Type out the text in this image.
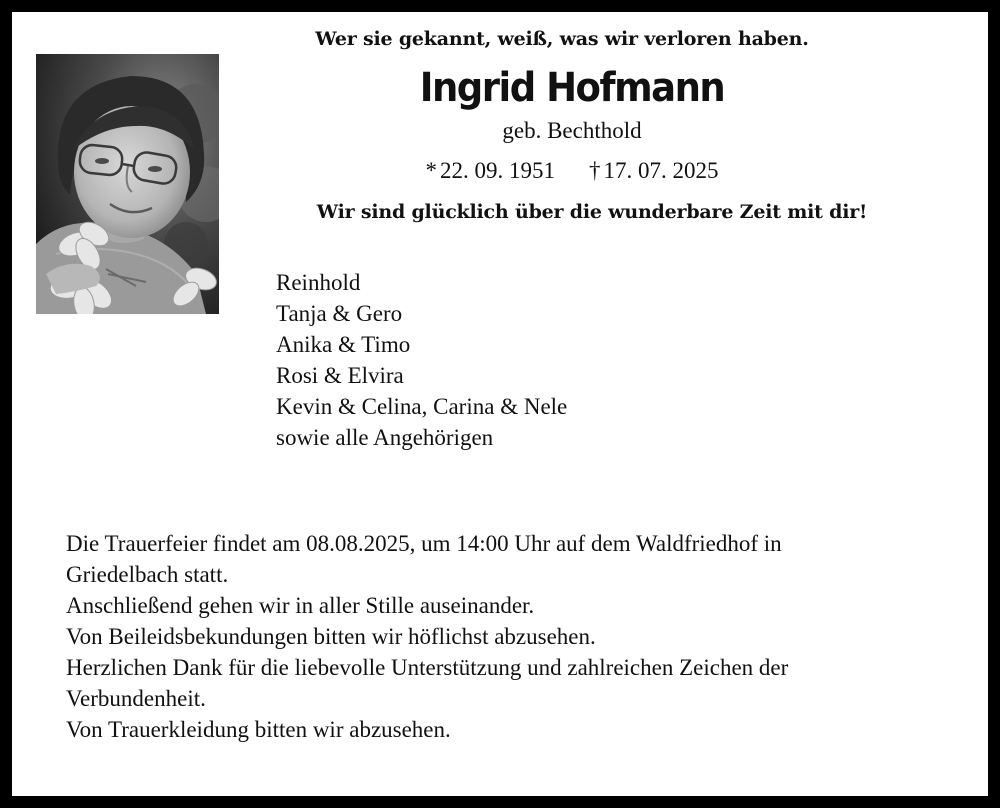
Wer sie gekannt, weiß, was wir verloren haben.
Ingrid Hofmann
geb. Bechthold
* 22. 09. 1951 † 17. 07. 2025
Wir sind glücklich über die wunderbare Zeit mit dir!
Reinhold
Tanja & Gero
Anika & Timo
Rosi & Elvira
Kevin & Celina, Carina & Nele
sowie alle Angehörigen
Die Trauerfeier findet am 08.08.2025, um 14:00 Uhr auf dem Waldfriedhof in
Griedelbach statt.
Anschließend gehen wir in aller Stille auseinander.
Von Beileidsbekundungen bitten wir höflichst abzusehen.
Herzlichen Dank für die liebevolle Unterstützung und zahlreichen Zeichen der
Verbundenheit.
Von Trauerkleidung bitten wir abzusehen.
